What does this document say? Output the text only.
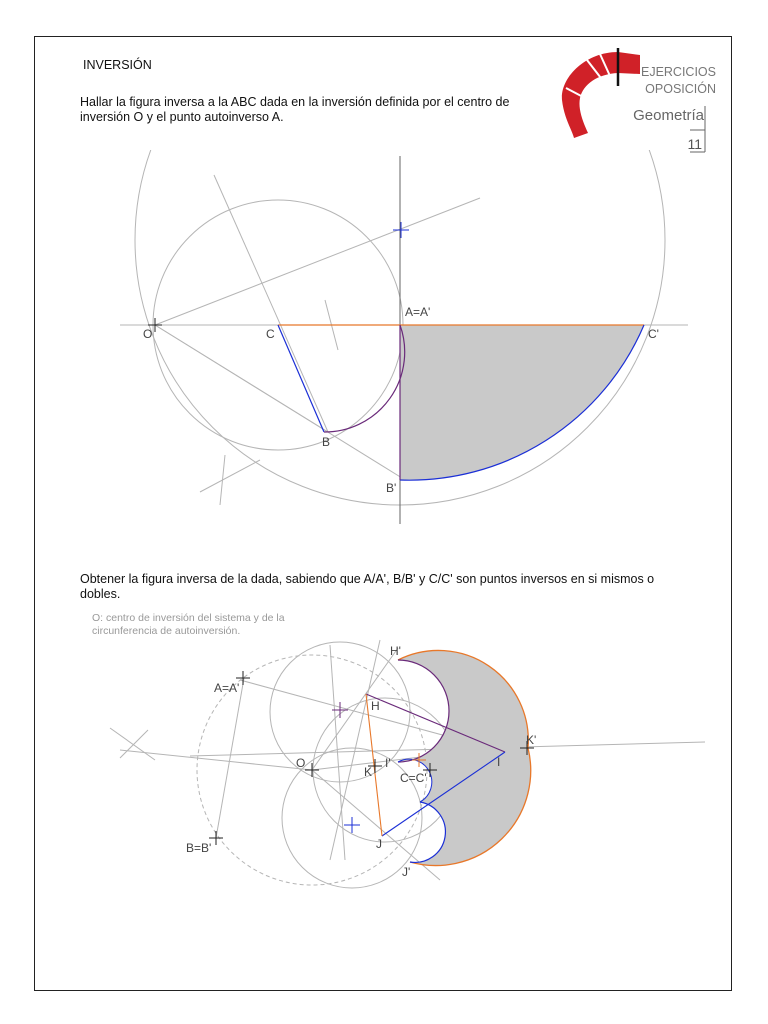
INVERSIÓN

Hallar la figura inversa a la ABC dada en la inversión definida por el centro de inversión O y el punto autoinverso A.

Obtener la figura inversa de la dada, sabiendo que A/A', B/B' y C/C' son puntos inversos en si mismos o dobles.

O: centro de inversión del sistema y de la circunferencia de autoinversión.

EJERCICIOS
OPOSICIÓN
Geometría
11
O	C
A=A'
B
B'
C'
A=A'
B=B'
O
H'
H
K
I'
C=C'
I
K'
J
J'
